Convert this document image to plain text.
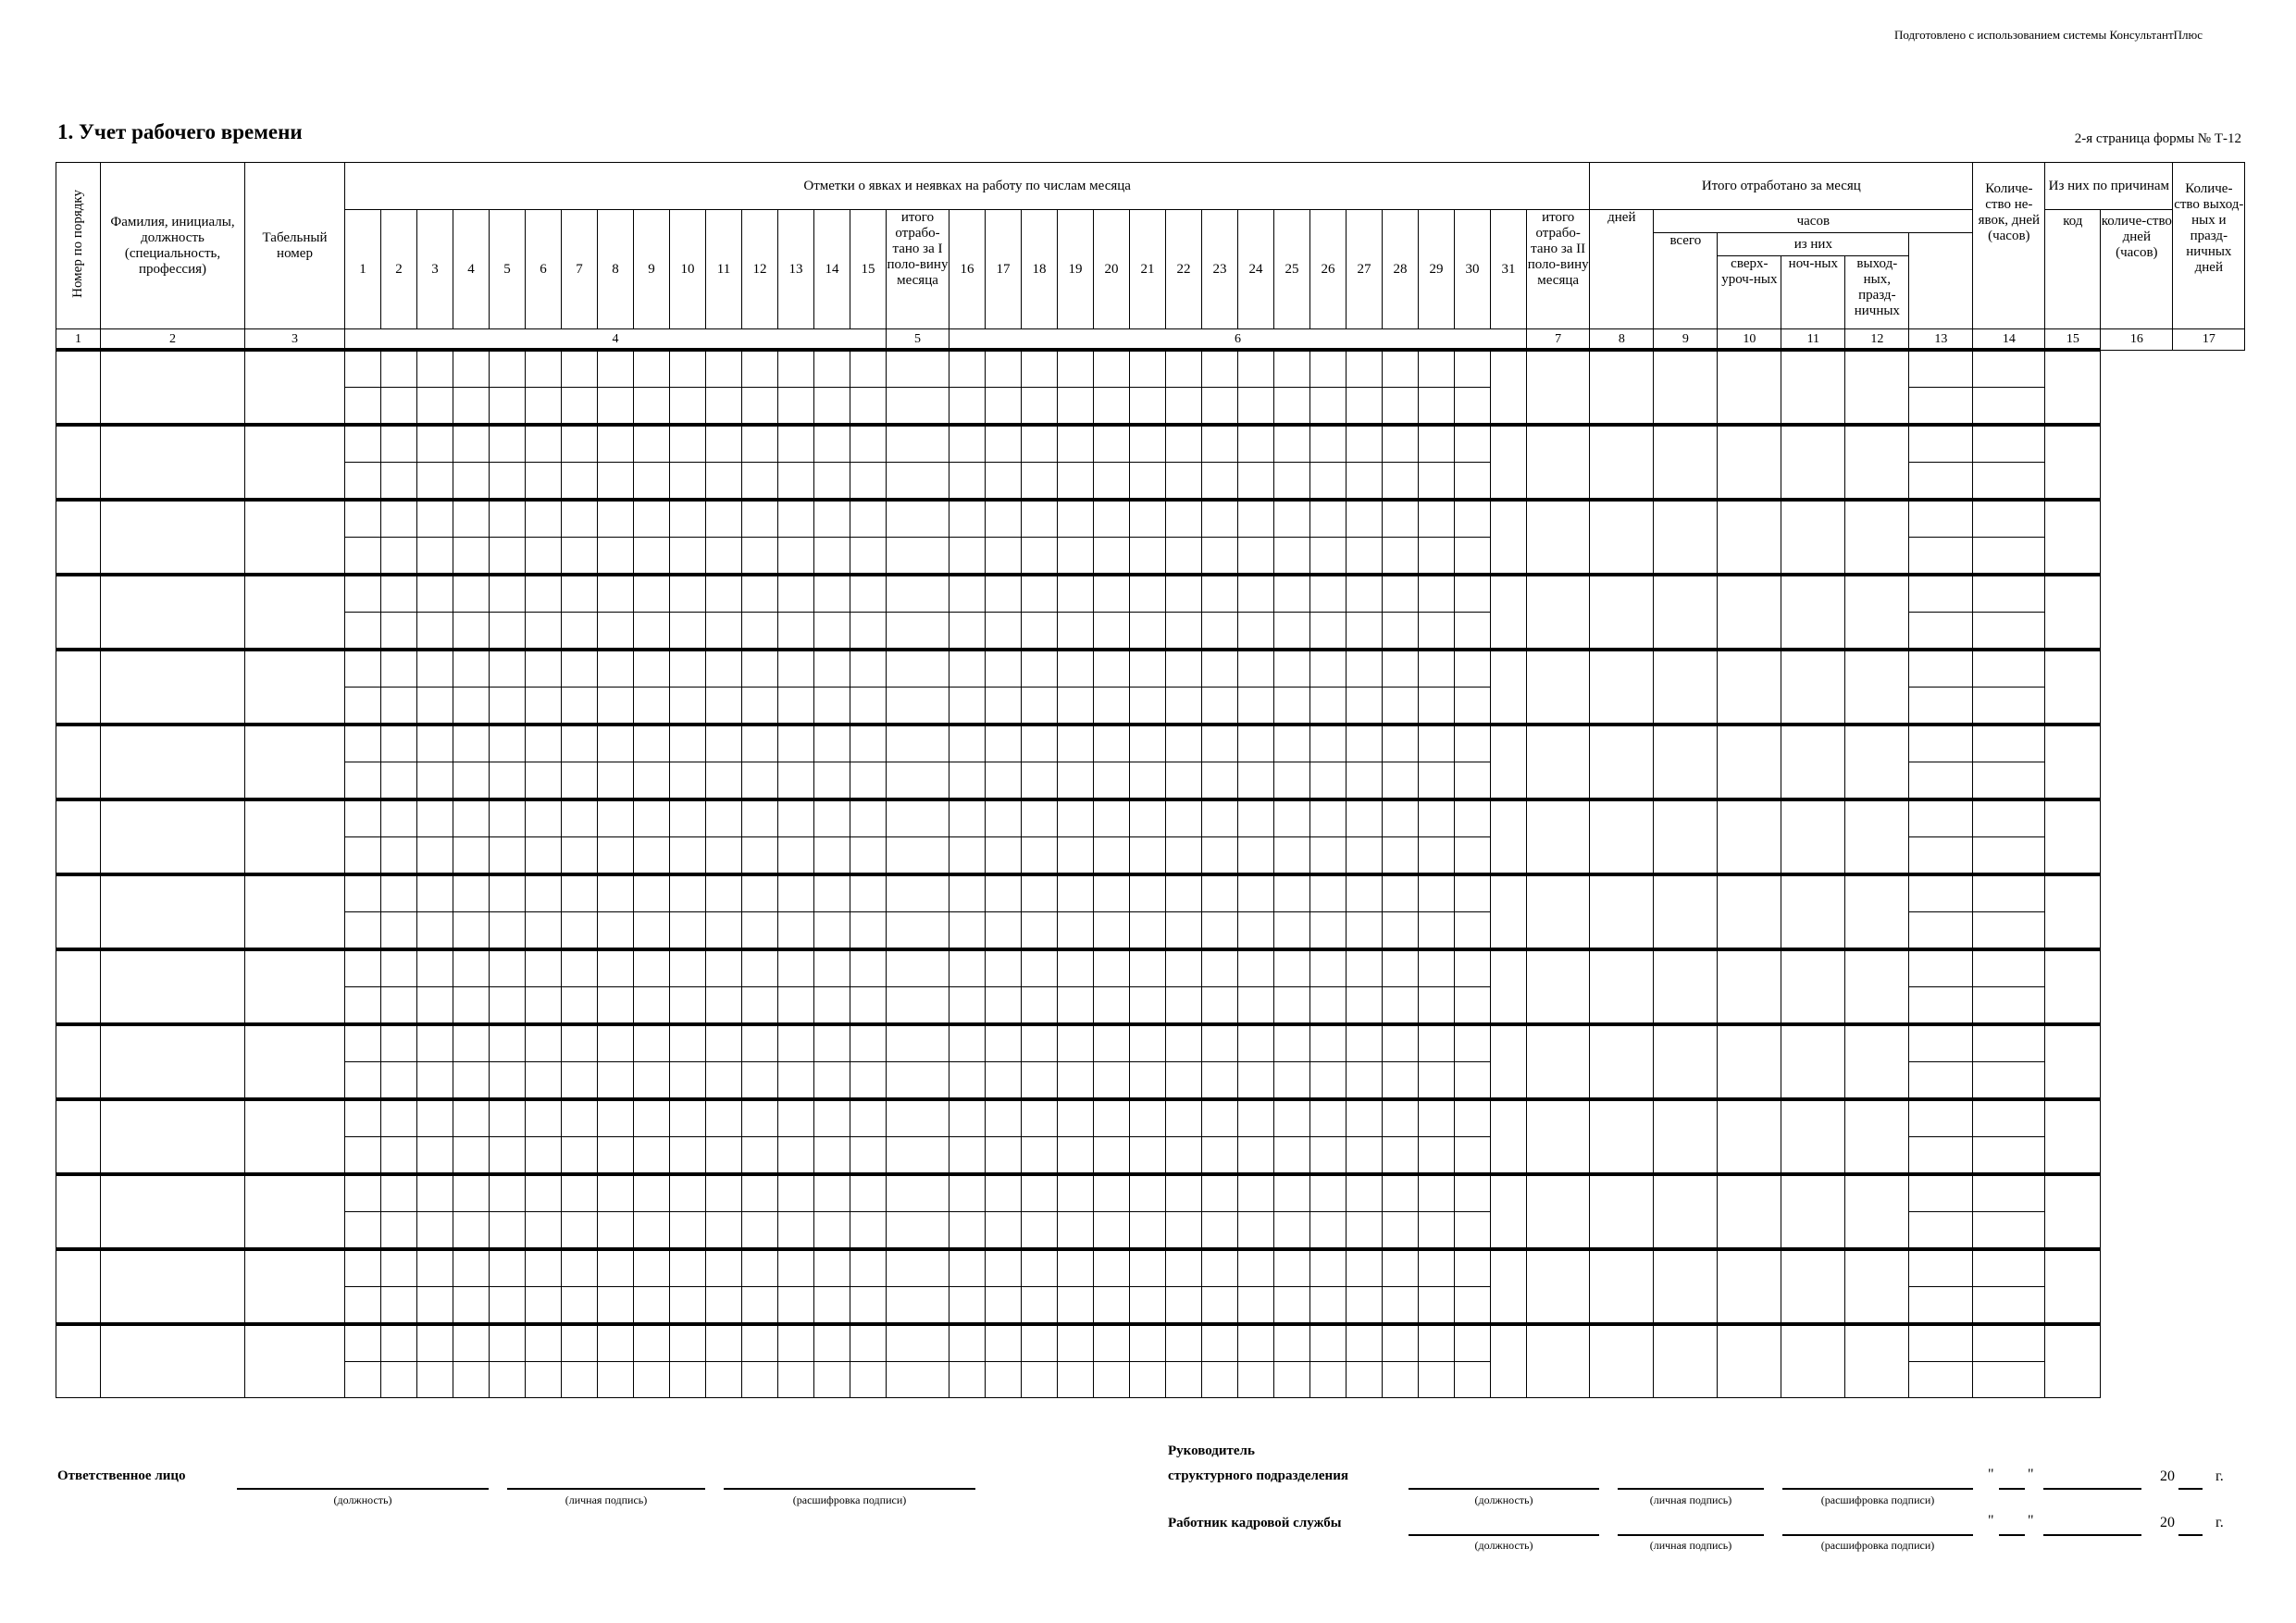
Подготовлено с использованием системы КонсультантПлюс
1. Учет рабочего времени	2-я страница формы № Т-12
Номер по порядку	Фамилия, инициалы, должность (специальность, профессия)	Табельный номер	Отметки о явках и неявках на работу по числам месяца																																	Итого отработано за месяц						Количе-ство не-явок, дней (часов)	Из них по причинам		Количе-ство выход-ных и празд-ничных дней
			1	2	3	4	5	6	7	8	9	10	11	12	13	14	15	итого отрабо-тано за I поло-вину месяца	16	17	18	19	20	21	22	23	24	25	26	27	28	29	30	31	итого отрабо-тано за II поло-вину месяца	дней	часов						код	количе-ство дней (часов)	
																																					всего	из них							
																																						сверх-уроч-ных	ноч-ных	выход-ных, празд-ничных					
1	2	3	4															5	6																7	8	9	10	11	12	13	14	15	16	17

Ответственное лицо
(должность)	(личная подпись)	(расшифровка подписи)
Руководитель
структурного подразделения
(должность)	(личная подпись)	(расшифровка подписи)
" "	20	г.
Работник кадровой службы
(должность)	(личная подпись)	(расшифровка подписи)
" "	20	г.
